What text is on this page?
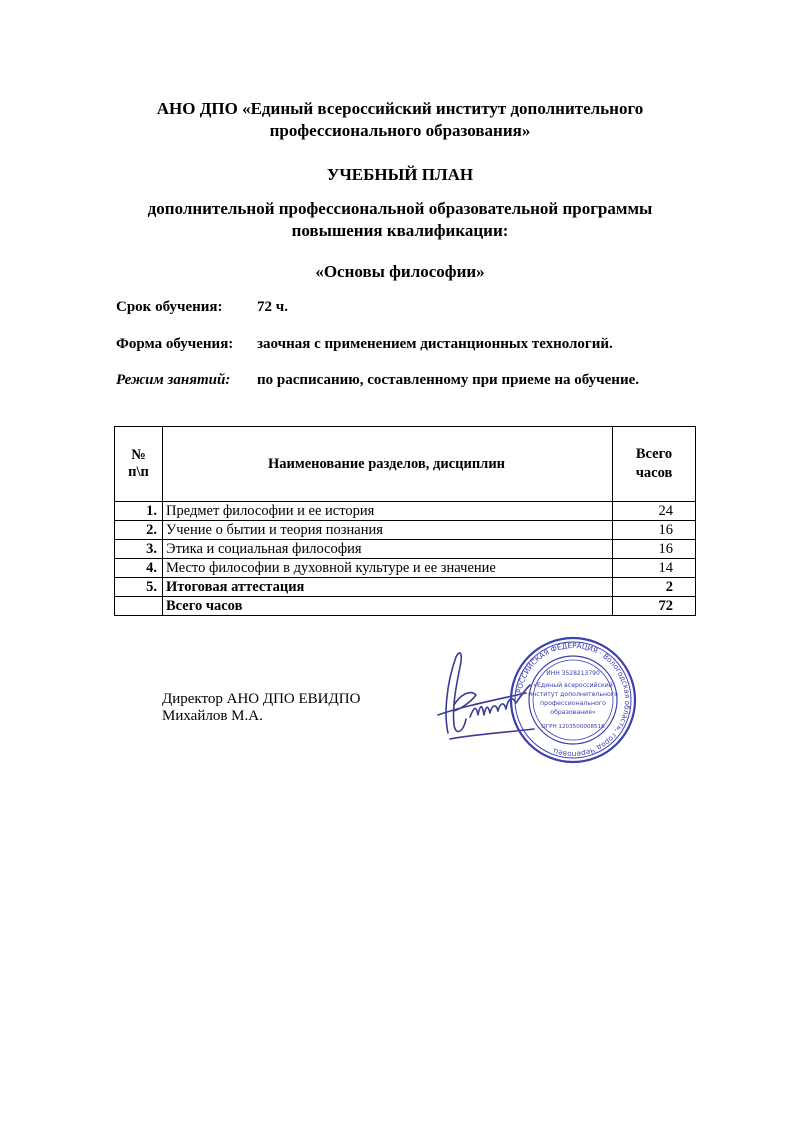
АНО ДПО «Единый всероссийский институт дополнительного
профессионального образования»
УЧЕБНЫЙ ПЛАН
дополнительной профессиональной образовательной программы
повышения квалификации:
«Основы философии»
Срок обучения: 72 ч.
Форма обучения: заочная с применением дистанционных технологий.
Режим занятий: по расписанию, составленному при приеме на обучение.
№ п\п	Наименование разделов, дисциплин	Всего
часов

1.	Предмет философии и ее история	24
2.	Учение о бытии и теория познания	16
3.	Этика и социальная философия	16
4.	Место философии в духовной культуре и ее значение	14
5.	Итоговая аттестация	2
	Всего часов	72
Директор АНО ДПО ЕВИДПО
Михайлов М.А.
РОССИЙСКАЯ ФЕДЕРАЦИЯ · Вологодская область, город Череповец
ИНН 3528213790
«Единый всероссийский
институт дополнительного
профессионального
образования»
ОГРН 1203500008516
